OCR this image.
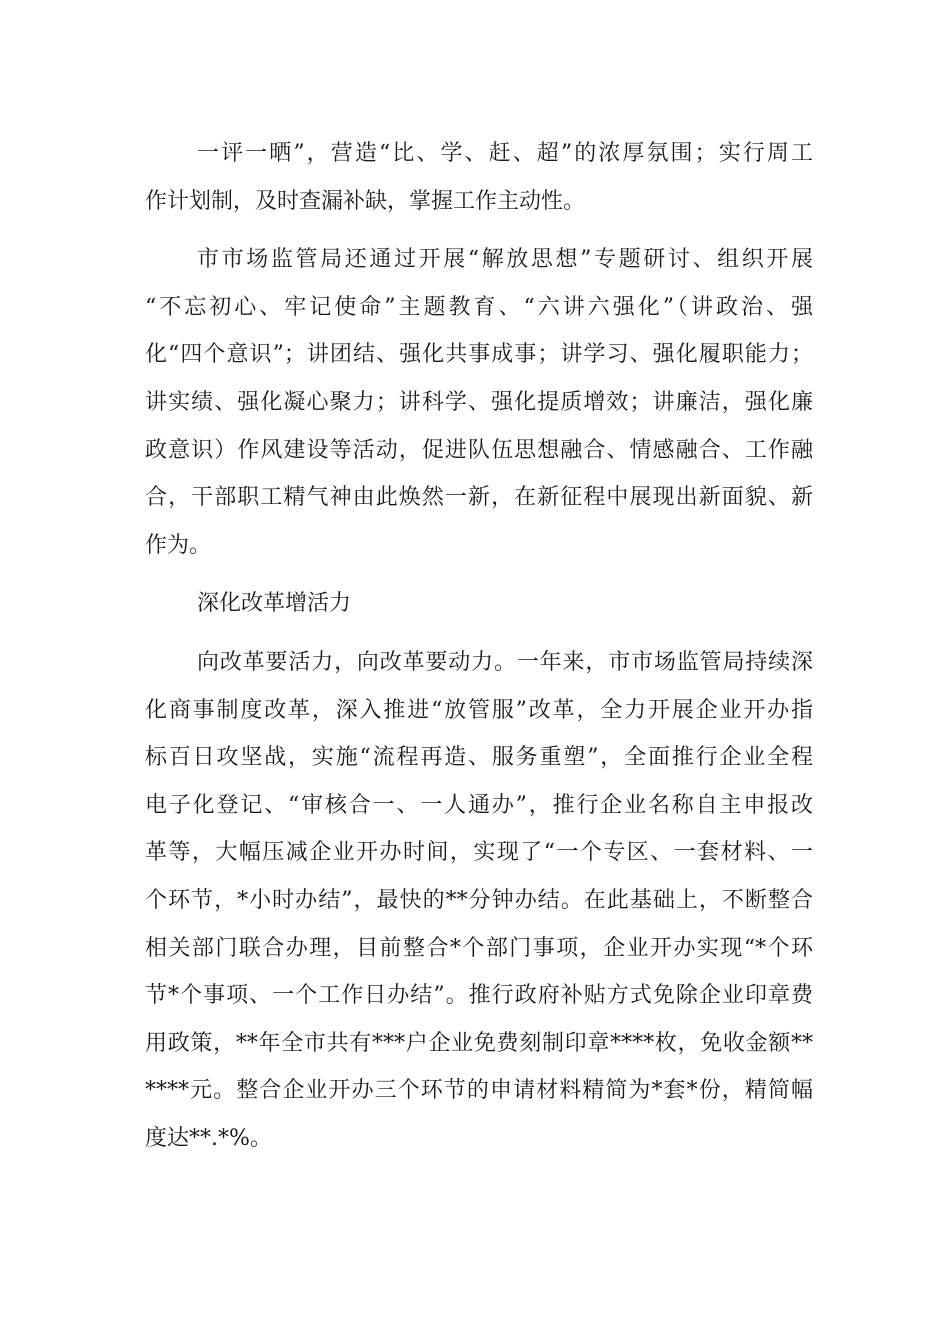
一评一晒”，营造“比、学、赶、超”的浓厚氛围；实行周工
作计划制，及时查漏补缺，掌握工作主动性。
市市场监管局还通过开展“解放思想”专题研讨、组织开展
“不忘初心、牢记使命”主题教育、“六讲六强化”（讲政治、强
化“四个意识”；讲团结、强化共事成事；讲学习、强化履职能力；
讲实绩、强化凝心聚力；讲科学、强化提质增效；讲廉洁，强化廉
政意识）作风建设等活动，促进队伍思想融合、情感融合、工作融
合，干部职工精气神由此焕然一新，在新征程中展现出新面貌、新
作为。
深化改革增活力
向改革要活力，向改革要动力。一年来，市市场监管局持续深
化商事制度改革，深入推进“放管服”改革，全力开展企业开办指
标百日攻坚战，实施“流程再造、服务重塑”，全面推行企业全程
电子化登记、“审核合一、一人通办”，推行企业名称自主申报改
革等，大幅压减企业开办时间，实现了“一个专区、一套材料、一
个环节，*小时办结”，最快的**分钟办结。在此基础上，不断整合
相关部门联合办理，目前整合*个部门事项，企业开办实现“*个环
节*个事项、一个工作日办结”。推行政府补贴方式免除企业印章费
用政策，**年全市共有***户企业免费刻制印章****枚，免收金额**
****元。整合企业开办三个环节的申请材料精简为*套*份，精简幅
度达**.*%。
